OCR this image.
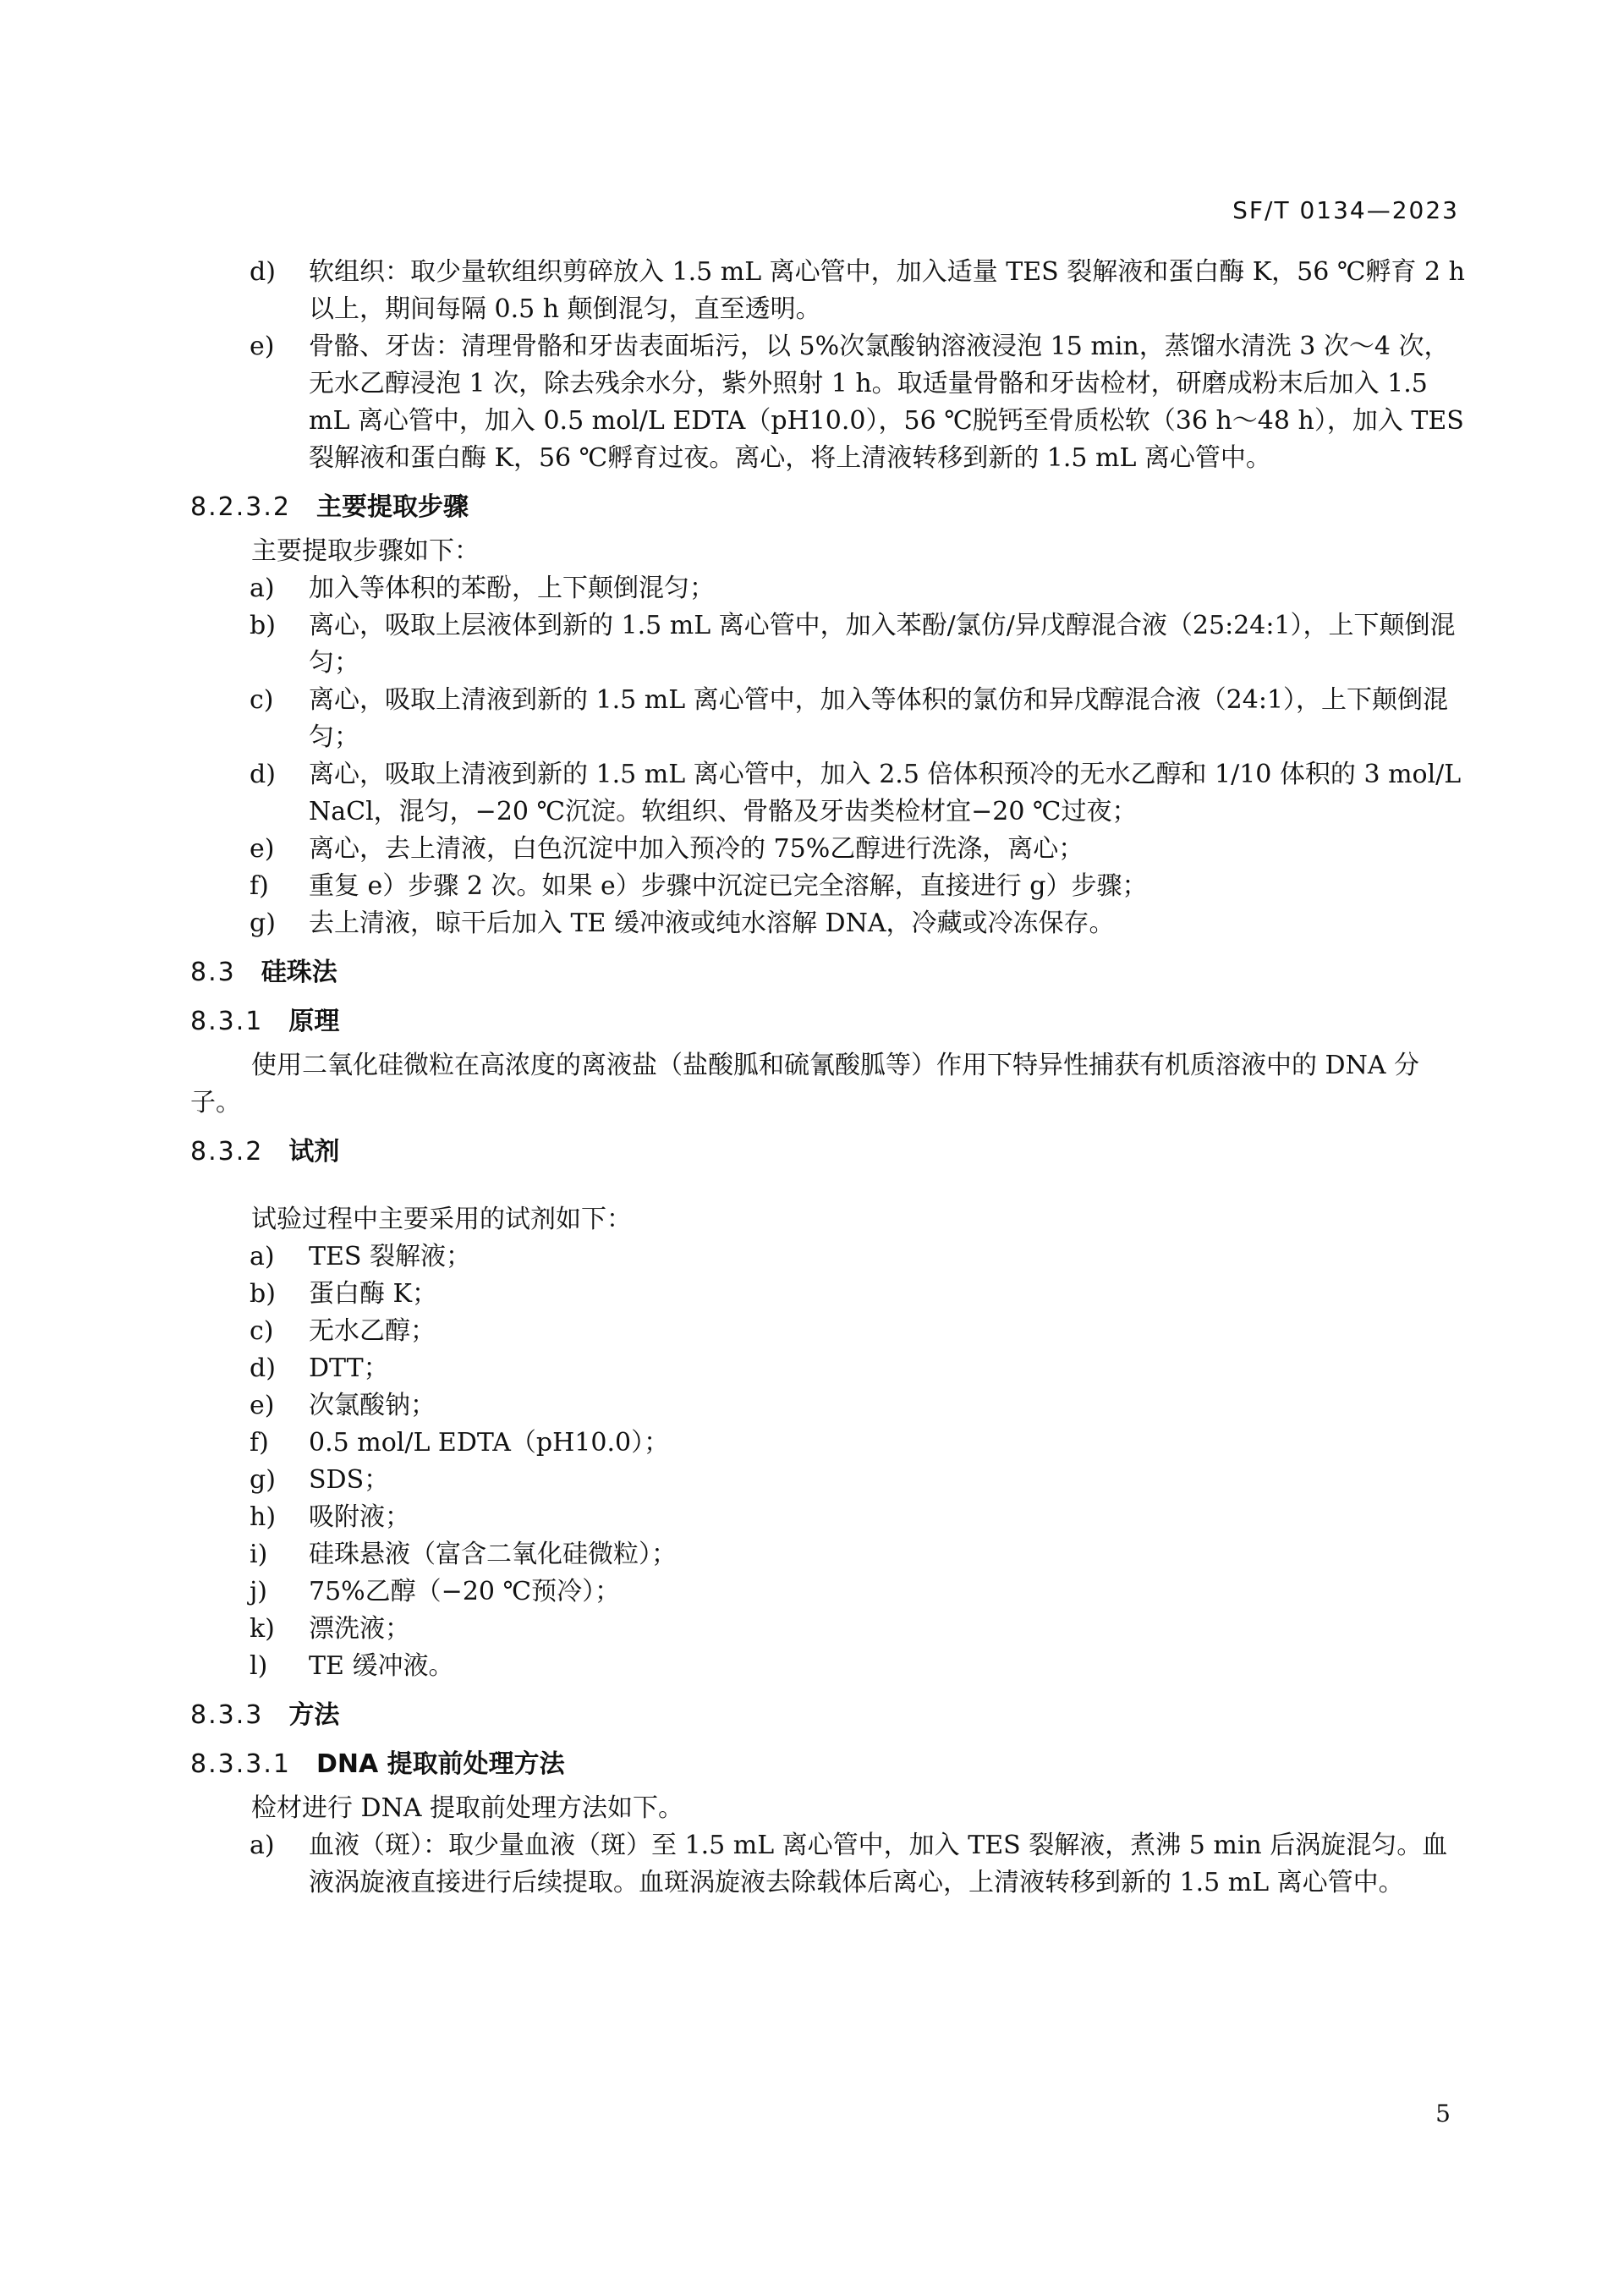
SF/T 0134—2023
d)	软组织：取少量软组织剪碎放入 1.5 mL 离心管中，加入适量 TES 裂解液和蛋白酶 K，56 ℃孵育 2 h 以上，期间每隔 0.5 h 颠倒混匀，直至透明。
e)	骨骼、牙齿：清理骨骼和牙齿表面垢污，以 5%次氯酸钠溶液浸泡 15 min，蒸馏水清洗 3 次～4 次，无水乙醇浸泡 1 次，除去残余水分，紫外照射 1 h。取适量骨骼和牙齿检材，研磨成粉末后加入 1.5 mL 离心管中，加入 0.5 mol/L EDTA（pH10.0），56 ℃脱钙至骨质松软（36 h～48 h），加入 TES 裂解液和蛋白酶 K，56 ℃孵育过夜。离心，将上清液转移到新的 1.5 mL 离心管中。
8.2.3.2 主要提取步骤
主要提取步骤如下：
a)	加入等体积的苯酚，上下颠倒混匀；
b)	离心，吸取上层液体到新的 1.5 mL 离心管中，加入苯酚/氯仿/异戊醇混合液（25:24:1），上下颠倒混匀；
c)	离心，吸取上清液到新的 1.5 mL 离心管中，加入等体积的氯仿和异戊醇混合液（24:1），上下颠倒混匀；
d)	离心，吸取上清液到新的 1.5 mL 离心管中，加入 2.5 倍体积预冷的无水乙醇和 1/10 体积的 3 mol/L NaCl，混匀，−20 ℃沉淀。软组织、骨骼及牙齿类检材宜−20 ℃过夜；
e)	离心，去上清液，白色沉淀中加入预冷的 75%乙醇进行洗涤，离心；
f)	重复 e）步骤 2 次。如果 e）步骤中沉淀已完全溶解，直接进行 g）步骤；
g)	去上清液，晾干后加入 TE 缓冲液或纯水溶解 DNA，冷藏或冷冻保存。
8.3 硅珠法
8.3.1 原理
使用二氧化硅微粒在高浓度的离液盐（盐酸胍和硫氰酸胍等）作用下特异性捕获有机质溶液中的 DNA 分子。
8.3.2 试剂
试验过程中主要采用的试剂如下：
a)	TES 裂解液；
b)	蛋白酶 K；
c)	无水乙醇；
d)	DTT；
e)	次氯酸钠；
f)	0.5 mol/L EDTA（pH10.0）；
g)	SDS；
h)	吸附液；
i)	硅珠悬液（富含二氧化硅微粒）；
j)	75%乙醇（−20 ℃预冷）；
k)	漂洗液；
l)	TE 缓冲液。
8.3.3 方法
8.3.3.1 DNA 提取前处理方法
检材进行 DNA 提取前处理方法如下。
a)	血液（斑）：取少量血液（斑）至 1.5 mL 离心管中，加入 TES 裂解液，煮沸 5 min 后涡旋混匀。血液涡旋液直接进行后续提取。血斑涡旋液去除载体后离心，上清液转移到新的 1.5 mL 离心管中。
5
